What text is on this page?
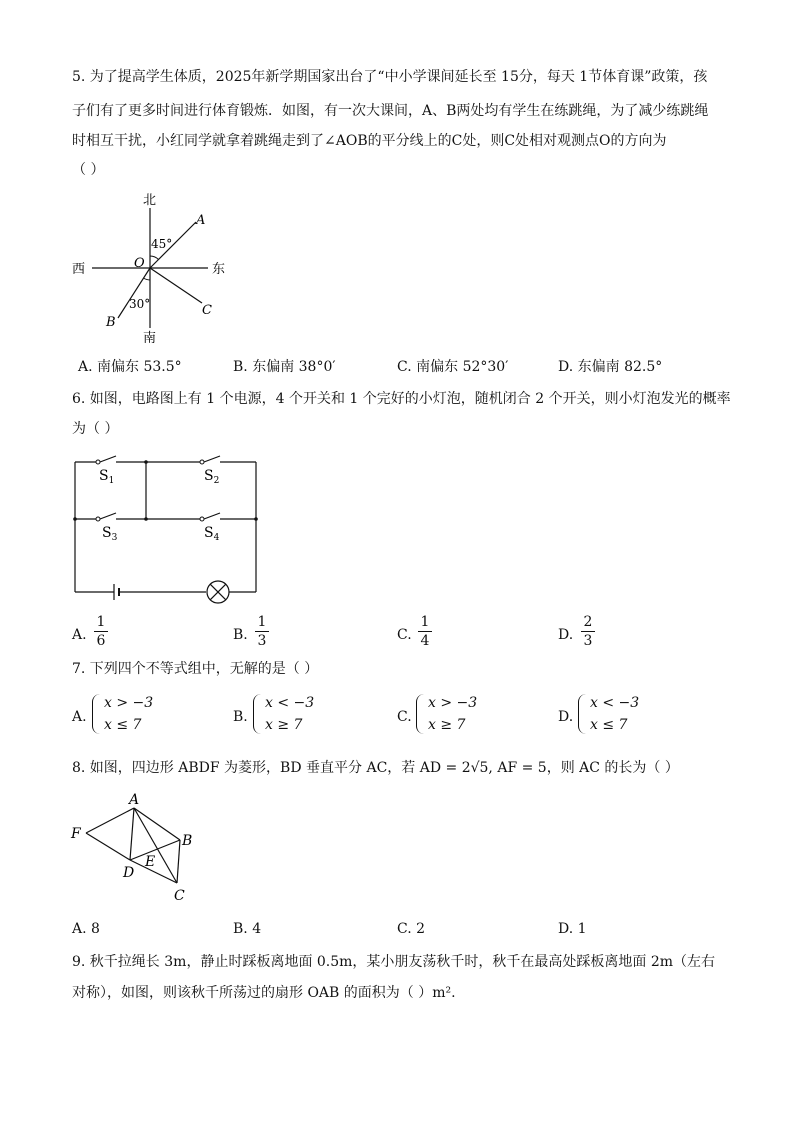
5. 为了提高学生体质，2025年新学期国家出台了“中小学课间延长至 15分，每天 1节体育课”政策，孩
子们有了更多时间进行体育锻炼．如图，有一次大课间，A、B两处均有学生在练跳绳，为了减少练跳绳
时相互干扰，小红同学就拿着跳绳走到了∠AOB的平分线上的C处，则C处相对观测点O的方向为
（ ）
北
南
西	东
O
A
B
C
45°
30°
A. 南偏东 53.5°	B. 东偏南 38°0′	C. 南偏东 52°30′	D. 东偏南 82.5°
6. 如图，电路图上有 1 个电源，4 个开关和 1 个完好的小灯泡，随机闭合 2 个开关，则小灯泡发光的概率
为（ ）
$S_1$	$S_2$
$S_3$	$S_4$
A.
1
6	B.
1
3	C.
1
4	D.
2
3
7. 下列四个不等式组中，无解的是（ ）
A.
x > −3
x ≤ 7	B.
x < −3
x ≥ 7	C.
x > −3
x ≥ 7	D.
x < −3
x ≤ 7
8. 如图，四边形 ABDF 为菱形，BD 垂直平分 AC，若 AD = 2√5, AF = 5，则 AC 的长为（ ）
A
B
C
D
E
F
A. 8	B. 4	C. 2	D. 1
9. 秋千拉绳长 3m，静止时踩板离地面 0.5m，某小朋友荡秋千时，秋千在最高处踩板离地面 2m（左右
对称），如图，则该秋千所荡过的扇形 OAB 的面积为（ ）m².
